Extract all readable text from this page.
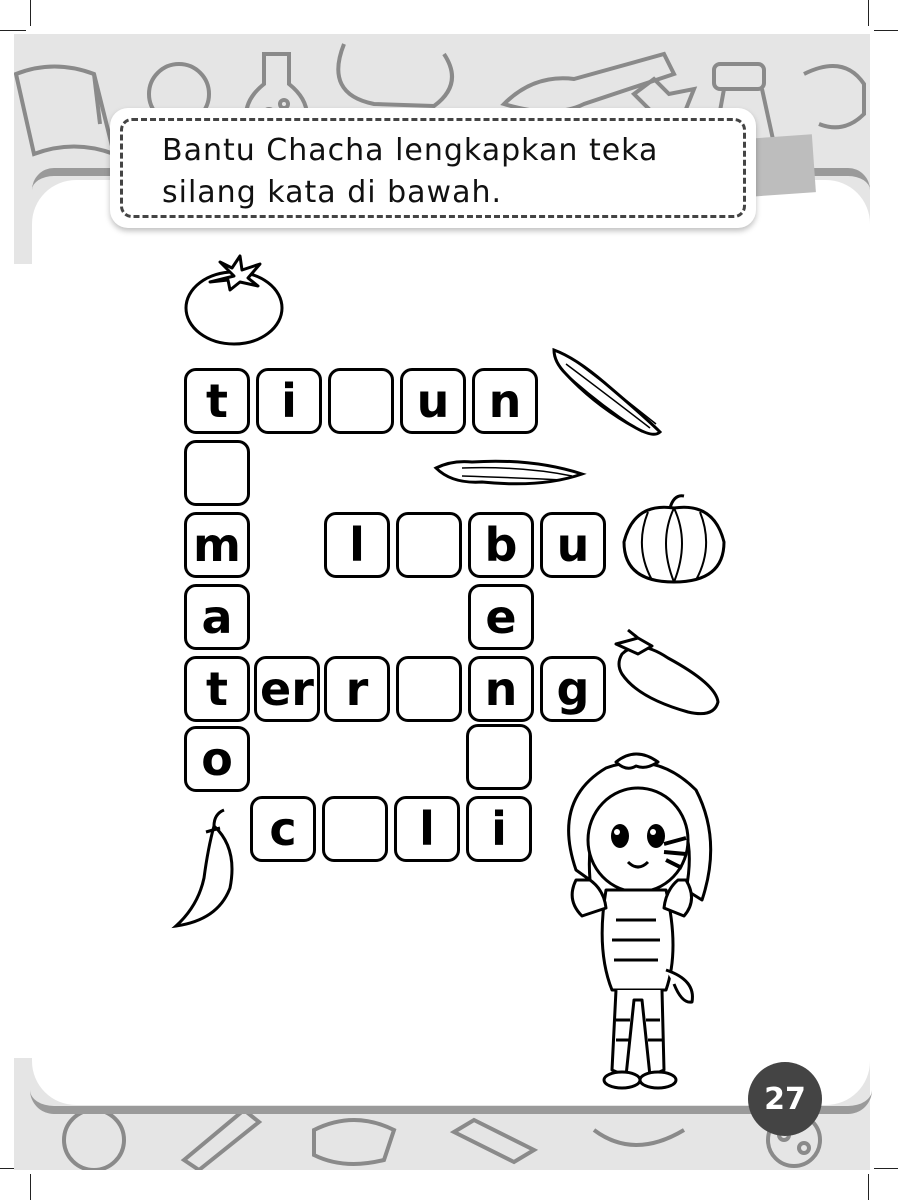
Bantu Chacha lengkapkan teka
silang kata di bawah.
t	i	u n
m	l	b u
a	e
t er r	n g
o
c	l	i
27
